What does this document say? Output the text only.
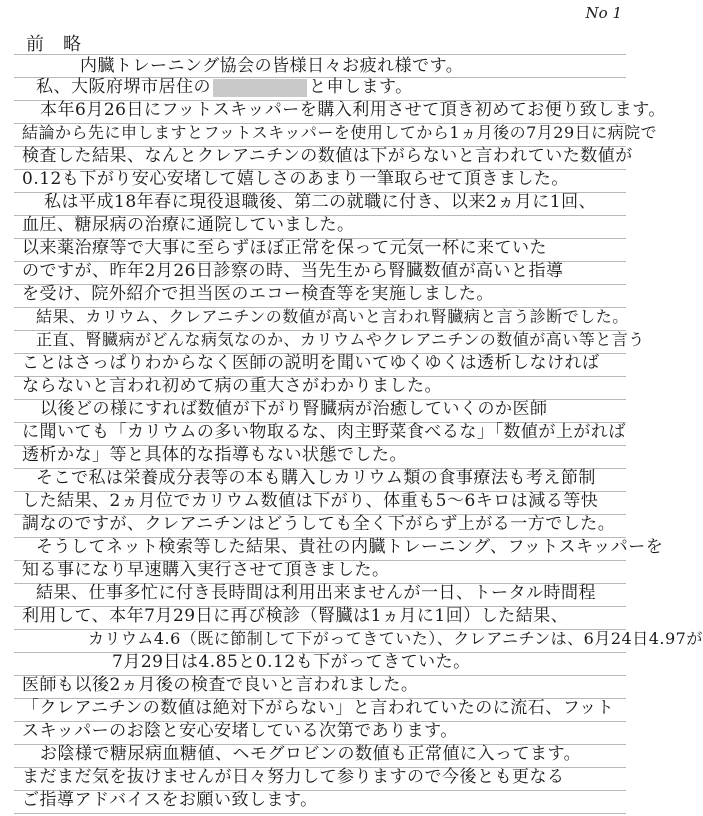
No 1
前　略
内臓トレーニング協会の皆様日々お疲れ様です。
私、大阪府堺市居住の	と申します。
本年6月26日にフットスキッパーを購入利用させて頂き初めてお便り致します。
結論から先に申しますとフットスキッパーを使用してから1ヵ月後の7月29日に病院で
検査した結果、なんとクレアニチンの数値は下がらないと言われていた数値が
0.12も下がり安心安堵して嬉しさのあまり一筆取らせて頂きました。
私は平成18年春に現役退職後、第二の就職に付き、以来2ヵ月に1回、
血圧、糖尿病の治療に通院していました。
以来薬治療等で大事に至らずほぼ正常を保って元気一杯に来ていた
のですが、昨年2月26日診察の時、当先生から腎臓数値が高いと指導
を受け、院外紹介で担当医のエコー検査等を実施しました。
結果、カリウム、クレアニチンの数値が高いと言われ腎臓病と言う診断でした。
正直、腎臓病がどんな病気なのか、カリウムやクレアニチンの数値が高い等と言う
ことはさっぱりわからなく医師の説明を聞いてゆくゆくは透析しなければ
ならないと言われ初めて病の重大さがわかりました。
以後どの様にすれば数値が下がり腎臓病が治癒していくのか医師
に聞いても「カリウムの多い物取るな、肉主野菜食べるな」「数値が上がれば
透析かな」等と具体的な指導もない状態でした。
そこで私は栄養成分表等の本も購入しカリウム類の食事療法も考え節制
した結果、2ヵ月位でカリウム数値は下がり、体重も5～6キロは減る等快
調なのですが、クレアニチンはどうしても全く下がらず上がる一方でした。
そうしてネット検索等した結果、貴社の内臓トレーニング、フットスキッパーを
知る事になり早速購入実行させて頂きました。
結果、仕事多忙に付き長時間は利用出来ませんが一日、トータル時間程
利用して、本年7月29日に再び検診（腎臓は1ヵ月に1回）した結果、
カリウム4.6（既に節制して下がってきていた）、クレアニチンは、6月24日4.97が
7月29日は4.85と0.12も下がってきていた。
医師も以後2ヵ月後の検査で良いと言われました。
「クレアニチンの数値は絶対下がらない」と言われていたのに流石、フット
スキッパーのお陰と安心安堵している次第であります。
お陰様で糖尿病血糖値、ヘモグロビンの数値も正常値に入ってます。
まだまだ気を抜けませんが日々努力して参りますので今後とも更なる
ご指導アドバイスをお願い致します。
